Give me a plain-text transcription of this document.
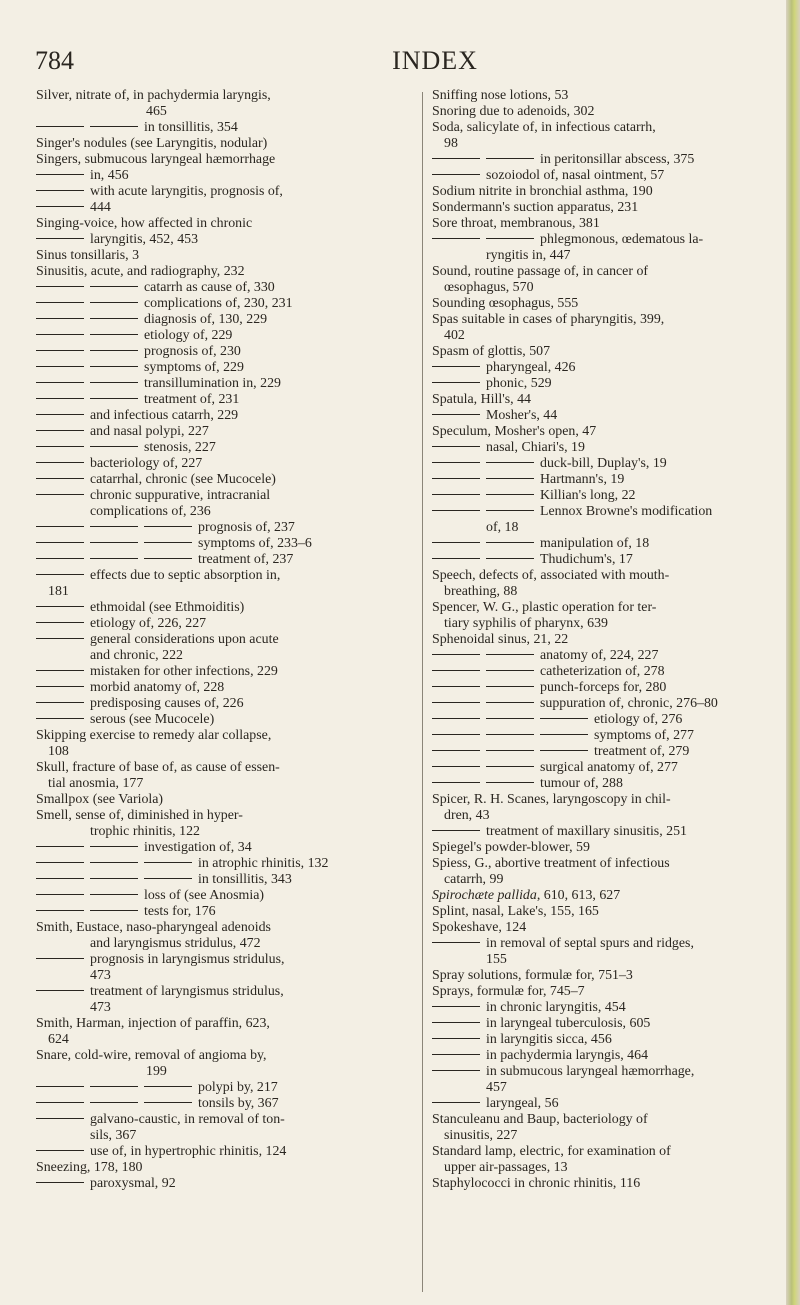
784	INDEX
Silver, nitrate of, in pachydermia laryngis,
465
in tonsillitis, 354
Singer's nodules (see Laryngitis, nodular)
Singers, submucous laryngeal hæmorrhage
in, 456
with acute laryngitis, prognosis of,
444
Singing-voice, how affected in chronic
laryngitis, 452, 453
Sinus tonsillaris, 3
Sinusitis, acute, and radiography, 232
catarrh as cause of, 330
complications of, 230, 231
diagnosis of, 130, 229
etiology of, 229
prognosis of, 230
symptoms of, 229
transillumination in, 229
treatment of, 231
and infectious catarrh, 229
and nasal polypi, 227
stenosis, 227
bacteriology of, 227
catarrhal, chronic (see Mucocele)
chronic suppurative, intracranial
complications of, 236
prognosis of, 237
symptoms of, 233–6
treatment of, 237
effects due to septic absorption in,
181
ethmoidal (see Ethmoiditis)
etiology of, 226, 227
general considerations upon acute
and chronic, 222
mistaken for other infections, 229
morbid anatomy of, 228
predisposing causes of, 226
serous (see Mucocele)
Skipping exercise to remedy alar collapse,
108
Skull, fracture of base of, as cause of essen-
tial anosmia, 177
Smallpox (see Variola)
Smell, sense of, diminished in hyper-
trophic rhinitis, 122
investigation of, 34
in atrophic rhinitis, 132
in tonsillitis, 343
loss of (see Anosmia)
tests for, 176
Smith, Eustace, naso-pharyngeal adenoids
and laryngismus stridulus, 472
prognosis in laryngismus stridulus,
473
treatment of laryngismus stridulus,
473
Smith, Harman, injection of paraffin, 623,
624
Snare, cold-wire, removal of angioma by,
199
polypi by, 217
tonsils by, 367
galvano-caustic, in removal of ton-
sils, 367
use of, in hypertrophic rhinitis, 124
Sneezing, 178, 180
paroxysmal, 92
Sniffing nose lotions, 53
Snoring due to adenoids, 302
Soda, salicylate of, in infectious catarrh,
98
in peritonsillar abscess, 375
sozoiodol of, nasal ointment, 57
Sodium nitrite in bronchial asthma, 190
Sondermann's suction apparatus, 231
Sore throat, membranous, 381
phlegmonous, œdematous la-
ryngitis in, 447
Sound, routine passage of, in cancer of
œsophagus, 570
Sounding œsophagus, 555
Spas suitable in cases of pharyngitis, 399,
402
Spasm of glottis, 507
pharyngeal, 426
phonic, 529
Spatula, Hill's, 44
Mosher's, 44
Speculum, Mosher's open, 47
nasal, Chiari's, 19
duck-bill, Duplay's, 19
Hartmann's, 19
Killian's long, 22
Lennox Browne's modification
of, 18
manipulation of, 18
Thudichum's, 17
Speech, defects of, associated with mouth-
breathing, 88
Spencer, W. G., plastic operation for ter-
tiary syphilis of pharynx, 639
Sphenoidal sinus, 21, 22
anatomy of, 224, 227
catheterization of, 278
punch-forceps for, 280
suppuration of, chronic, 276–80
etiology of, 276
symptoms of, 277
treatment of, 279
surgical anatomy of, 277
tumour of, 288
Spicer, R. H. Scanes, laryngoscopy in chil-
dren, 43
treatment of maxillary sinusitis, 251
Spiegel's powder-blower, 59
Spiess, G., abortive treatment of infectious
catarrh, 99
Spirochæte pallida, 610, 613, 627
Splint, nasal, Lake's, 155, 165
Spokeshave, 124
in removal of septal spurs and ridges,
155
Spray solutions, formulæ for, 751–3
Sprays, formulæ for, 745–7
in chronic laryngitis, 454
in laryngeal tuberculosis, 605
in laryngitis sicca, 456
in pachydermia laryngis, 464
in submucous laryngeal hæmorrhage,
457
laryngeal, 56
Stanculeanu and Baup, bacteriology of
sinusitis, 227
Standard lamp, electric, for examination of
upper air-passages, 13
Staphylococci in chronic rhinitis, 116
